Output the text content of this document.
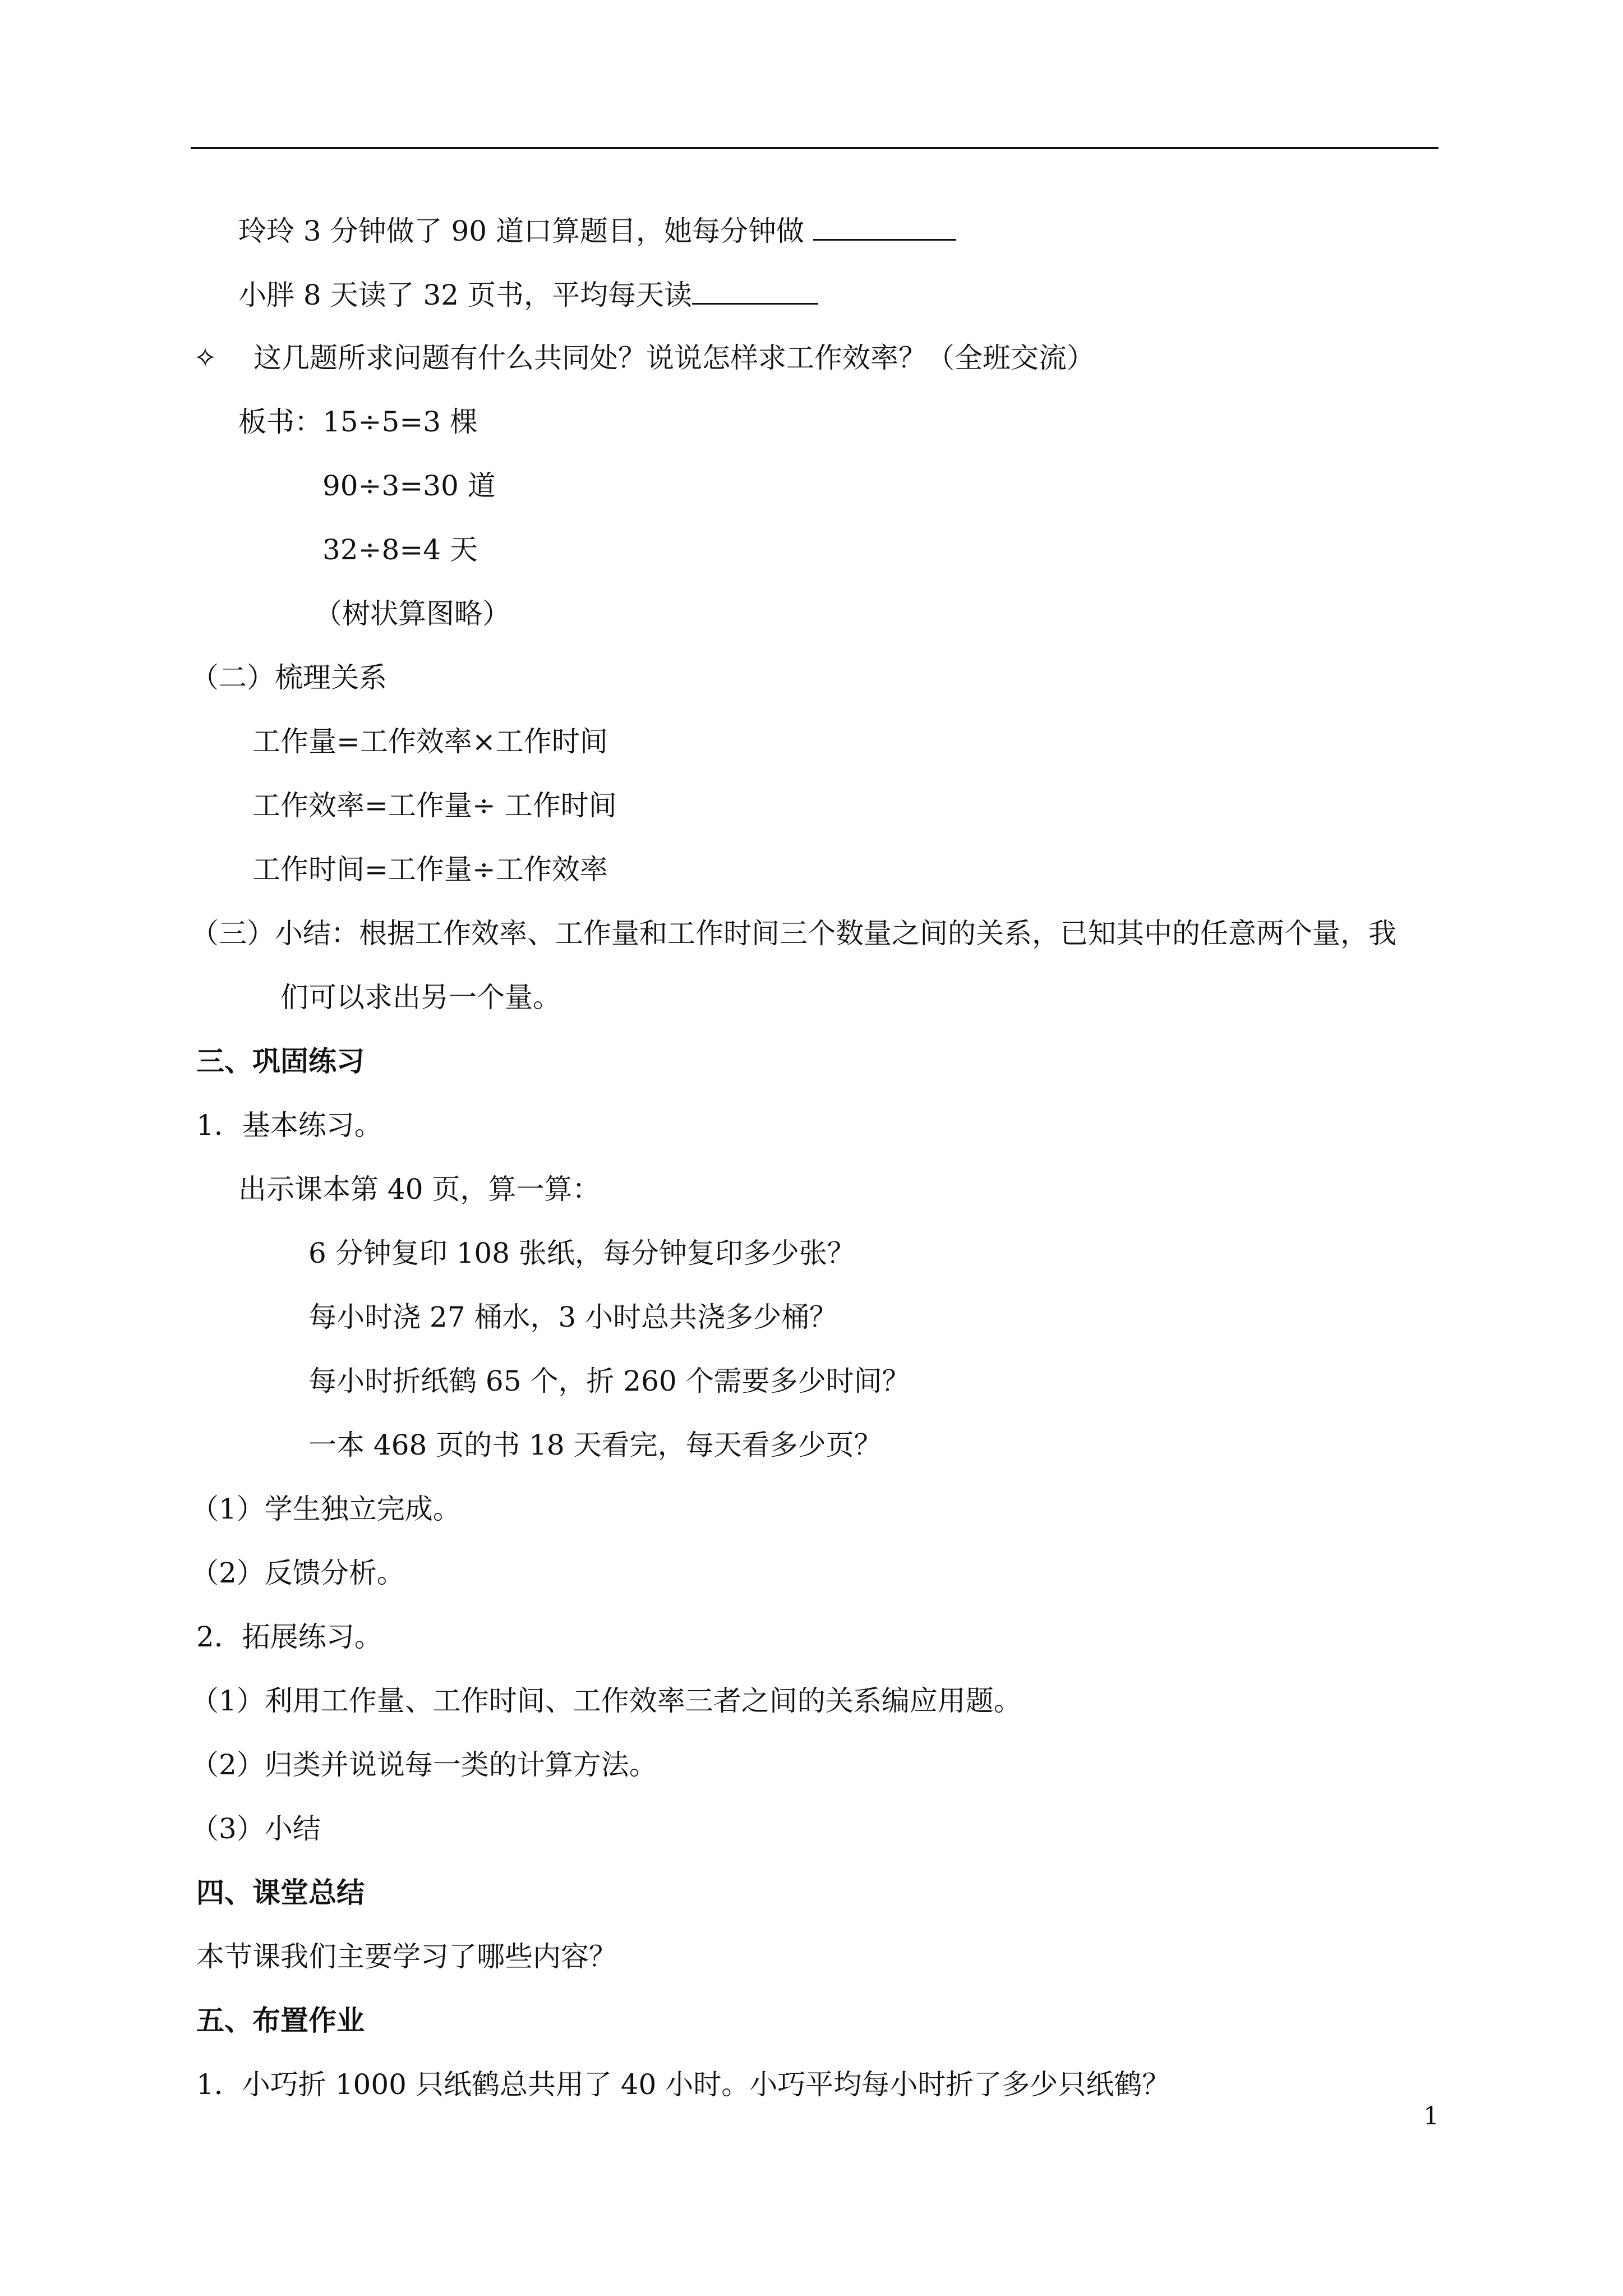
玲玲 3 分钟做了 90 道口算题目，她每分钟做
小胖 8 天读了 32 页书，平均每天读
✧ 这几题所求问题有什么共同处？说说怎样求工作效率？（全班交流）
板书：15÷5=3 棵
90÷3=30 道
32÷8=4 天
（树状算图略）
（二）梳理关系
工作量=工作效率×工作时间
工作效率=工作量÷ 工作时间
工作时间=工作量÷工作效率
（三）小结：根据工作效率、工作量和工作时间三个数量之间的关系，已知其中的任意两个量，我
们可以求出另一个量。
三、巩固练习
1．基本练习。
出示课本第 40 页，算一算：
6 分钟复印 108 张纸，每分钟复印多少张？
每小时浇 27 桶水，3 小时总共浇多少桶？
每小时折纸鹤 65 个，折 260 个需要多少时间？
一本 468 页的书 18 天看完，每天看多少页？
（1）学生独立完成。
（2）反馈分析。
2．拓展练习。
（1）利用工作量、工作时间、工作效率三者之间的关系编应用题。
（2）归类并说说每一类的计算方法。
（3）小结
四、课堂总结
本节课我们主要学习了哪些内容？
五、布置作业
1．小巧折 1000 只纸鹤总共用了 40 小时。小巧平均每小时折了多少只纸鹤？
1
